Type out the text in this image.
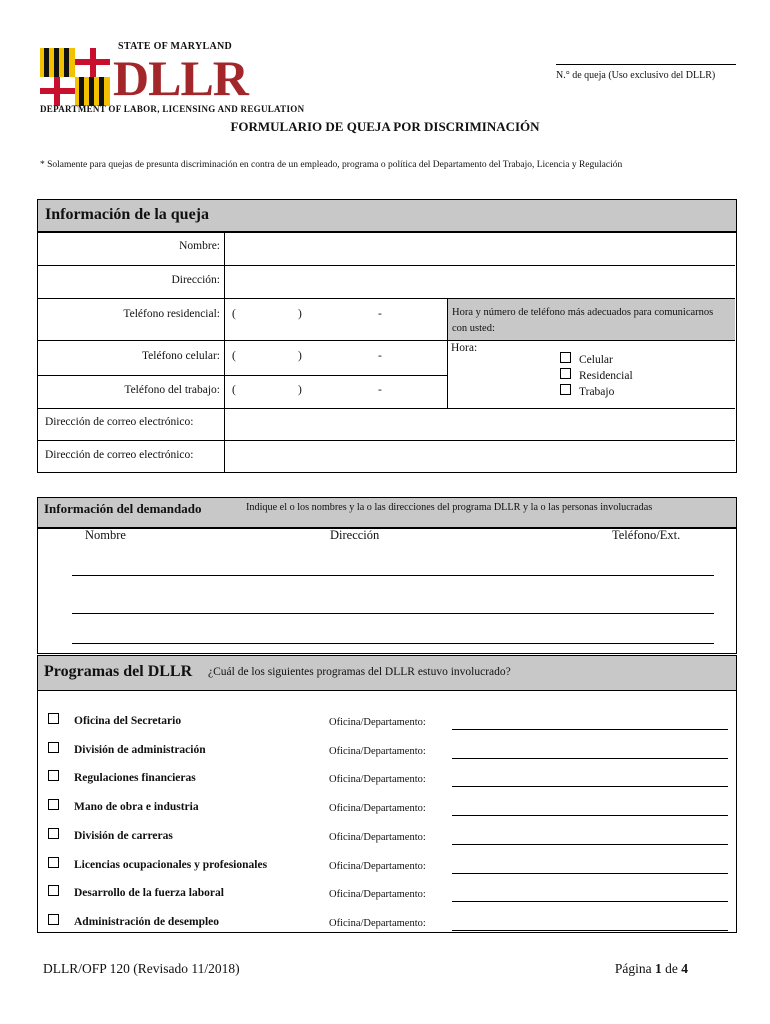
STATE OF MARYLAND
DLLR
DEPARTMENT OF LABOR, LICENSING AND REGULATION
N.° de queja (Uso exclusivo del DLLR)
FORMULARIO DE QUEJA POR DISCRIMINACIÓN
* Solamente para quejas de presunta discriminación en contra de un empleado, programa o política del Departamento del Trabajo, Licencia y Regulación
Información de la queja
Nombre:
Dirección:
Teléfono residencial: (	)	-
Teléfono celular: (	)	-
Teléfono del trabajo: (	)	-
Hora y número de teléfono más adecuados para comunicarnos con usted:
Hora:
Celular
Residencial
Trabajo
Dirección de correo electrónico:
Dirección de correo electrónico:
Información del demandado	Indique el o los nombres y la o las direcciones del programa DLLR y la o las personas involucradas
Nombre	Dirección	Teléfono/Ext.
Programas del DLLR ¿Cuál de los siguientes programas del DLLR estuvo involucrado?
Oficina del Secretario	Oficina/Departamento:
División de administración	Oficina/Departamento:
Regulaciones financieras	Oficina/Departamento:
Mano de obra e industria	Oficina/Departamento:
División de carreras	Oficina/Departamento:
Licencias ocupacionales y profesionales	Oficina/Departamento:
Desarrollo de la fuerza laboral	Oficina/Departamento:
Administración de desempleo	Oficina/Departamento:
DLLR/OFP 120 (Revisado 11/2018)	Página 1 de 4
